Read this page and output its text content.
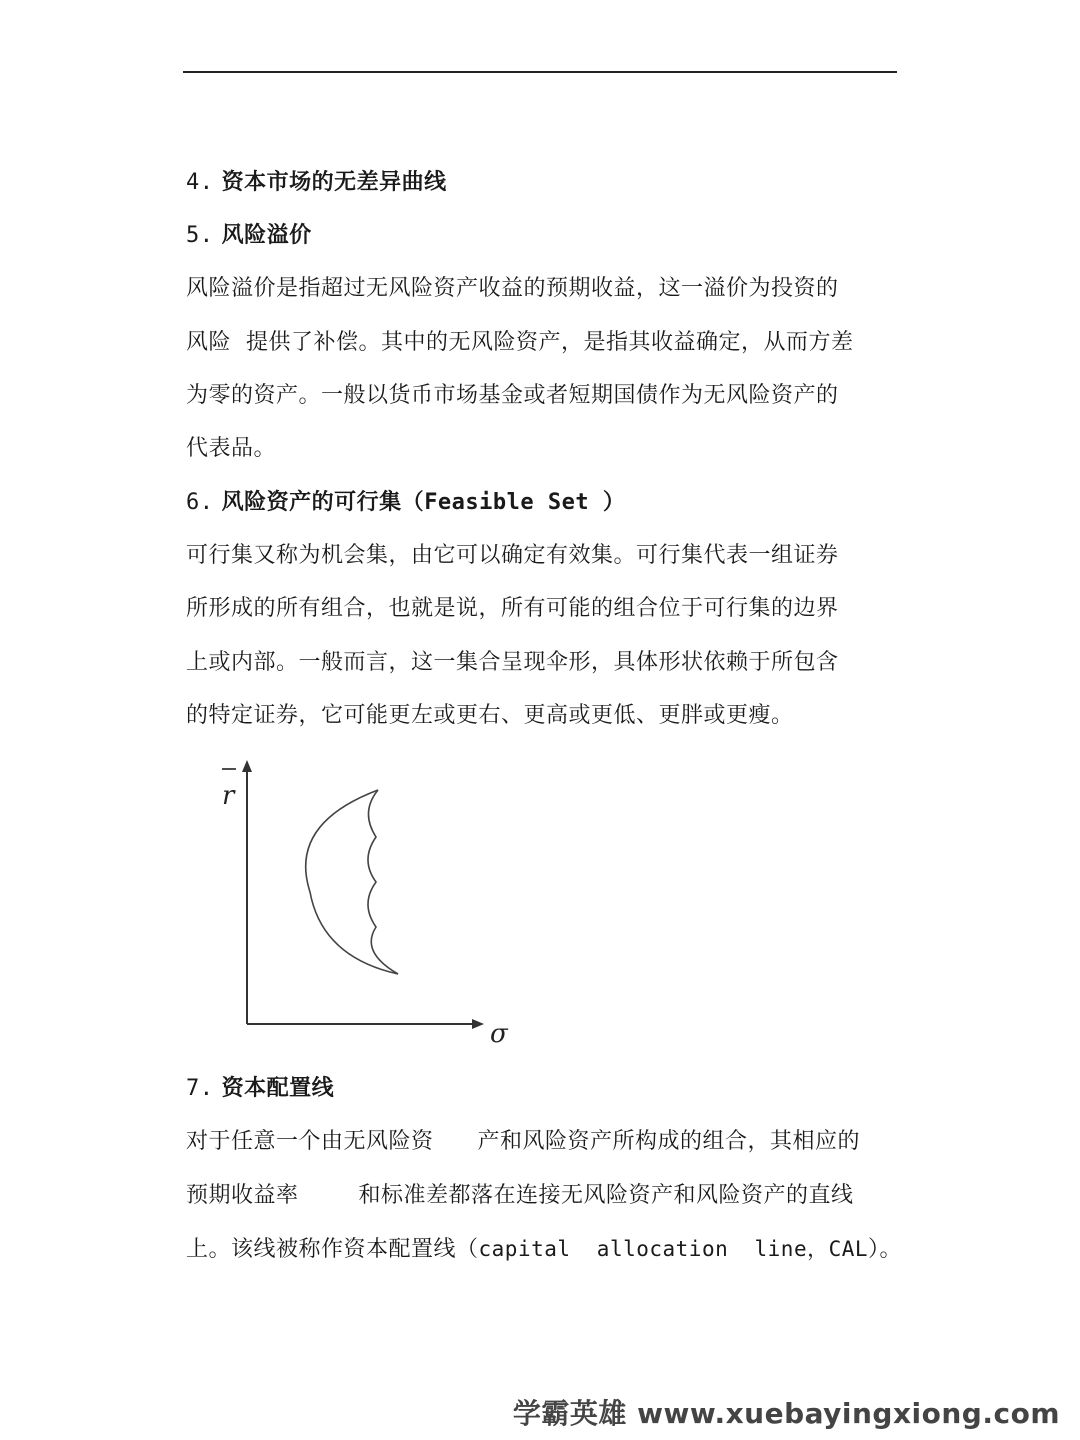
4. 资本市场的无差异曲线
5. 风险溢价
风险溢价是指超过无风险资产收益的预期收益，这一溢价为投资的
风险  提供了补偿。其中的无风险资产，是指其收益确定，从而方差
为零的资产。一般以货币市场基金或者短期国债作为无风险资产的
代表品。
6. 风险资产的可行集（Feasible Set ）
可行集又称为机会集，由它可以确定有效集。可行集代表一组证券
所形成的所有组合，也就是说，所有可能的组合位于可行集的边界
上或内部。一般而言，这一集合呈现伞形，具体形状依赖于所包含
的特定证券，它可能更左或更右、更高或更低、更胖或更瘦。
r
σ
7. 资本配置线
对于任意一个由无风险资 产和风险资产所构成的组合，其相应的
预期收益率	和标准差都落在连接无风险资产和风险资产的直线
上。该线被称作资本配置线（capital  allocation  line，CAL）。
学霸英雄 www.xuebayingxiong.com
